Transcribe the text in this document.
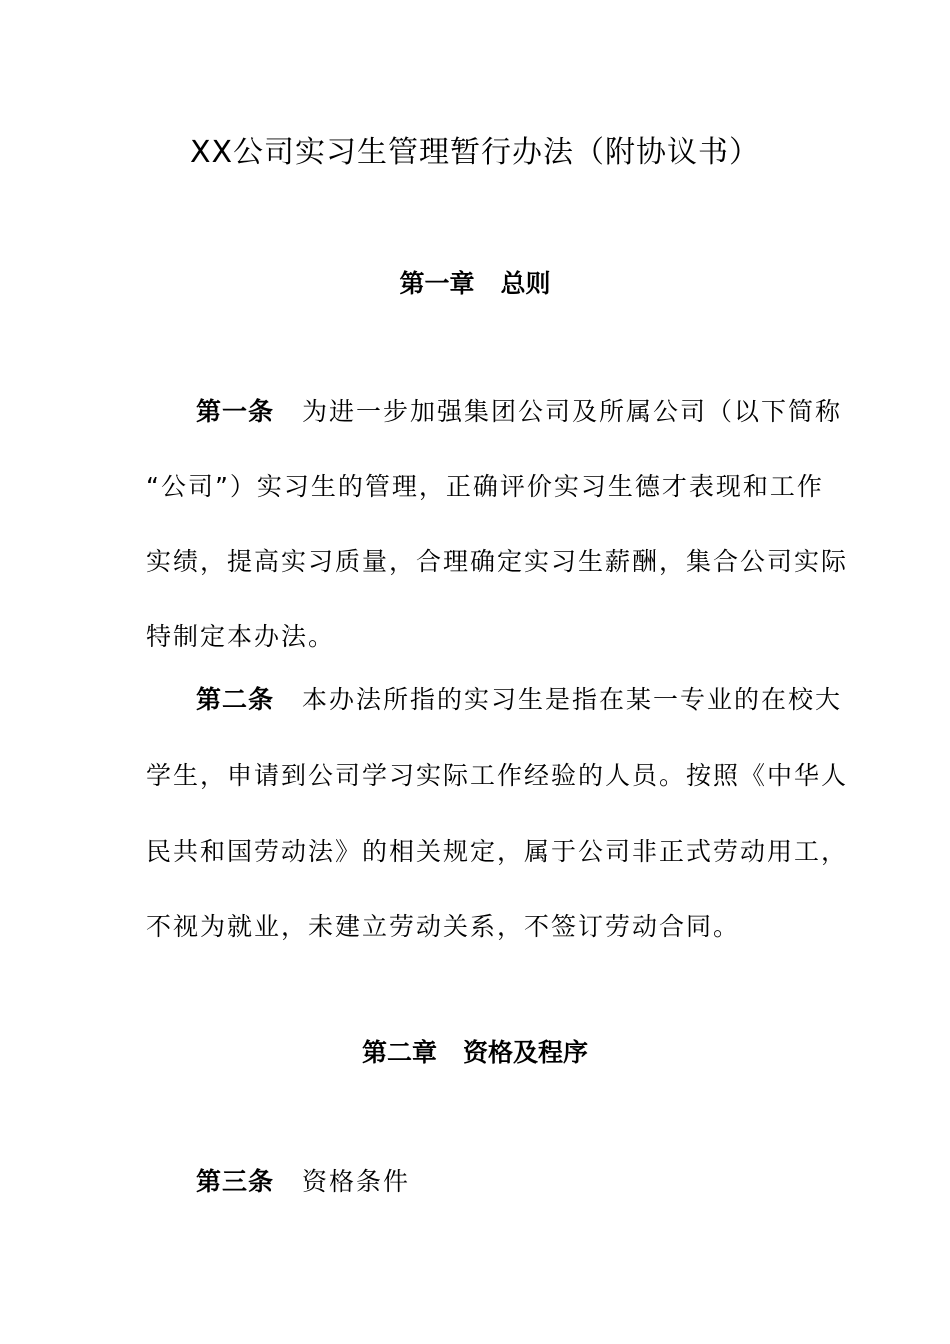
XX公司实习生管理暂行办法（附协议书）
第一章 总则
第一条 为进一步加强集团公司及所属公司（以下简称
“公司”）实习生的管理，正确评价实习生德才表现和工作
实绩，提高实习质量，合理确定实习生薪酬，集合公司实际
特制定本办法。
第二条 本办法所指的实习生是指在某一专业的在校大
学生，申请到公司学习实际工作经验的人员。按照《中华人
民共和国劳动法》的相关规定，属于公司非正式劳动用工，
不视为就业，未建立劳动关系，不签订劳动合同。
第二章 资格及程序
第三条 资格条件
